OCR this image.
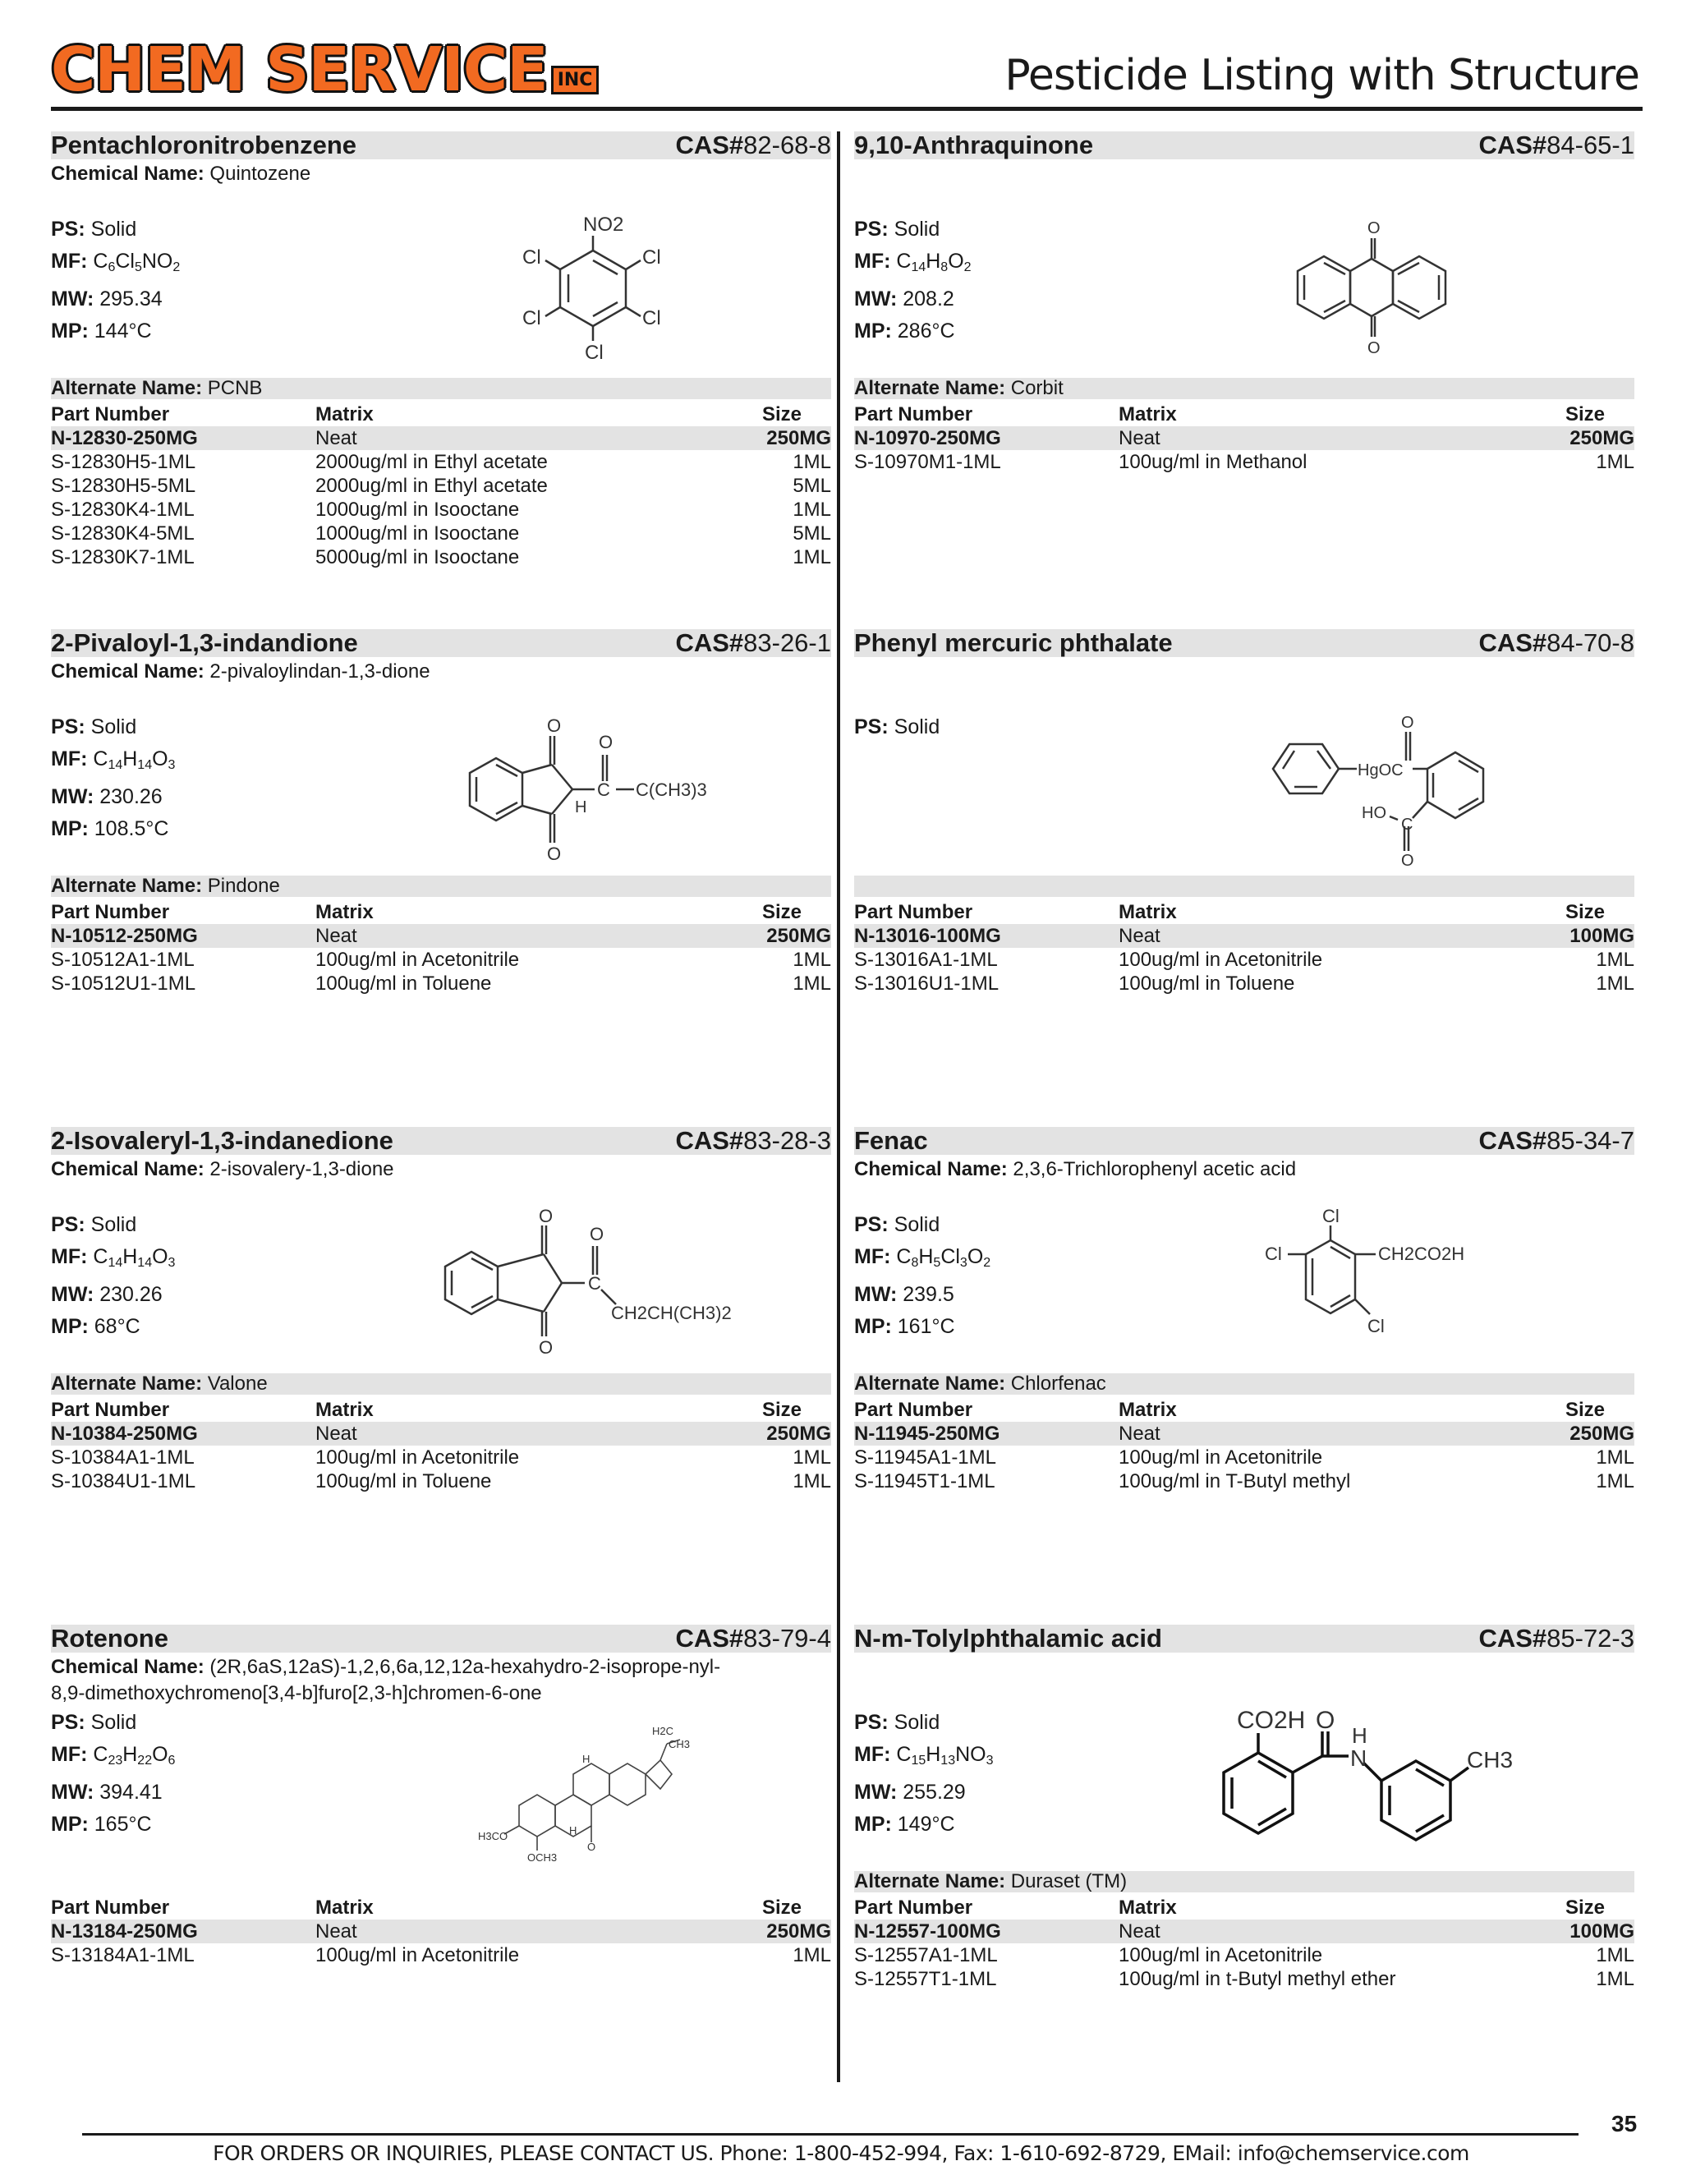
CHEM SERVICE INC	Pesticide Listing with Structure
Pentachloronitrobenzene	CAS#82-68-8
Chemical Name: Quintozene
PS: Solid
MF: $C_6Cl_5NO_2$
MW: 295.34
MP: 144°C
NO2
Cl
Cl
Cl
Cl
Cl
Alternate Name: PCNB
Part Number	Matrix	Size
N-12830-250MG	Neat	250MG
S-12830H5-1ML	2000ug/ml in Ethyl acetate	1ML
S-12830H5-5ML	2000ug/ml in Ethyl acetate	5ML
S-12830K4-1ML	1000ug/ml in Isooctane	1ML
S-12830K4-5ML	1000ug/ml in Isooctane	5ML
S-12830K7-1ML	5000ug/ml in Isooctane	1ML
9,10-Anthraquinone	CAS#84-65-1
PS: Solid
MF: $C_{14}H_8O_2$
MW: 208.2
MP: 286°C
O
O
Alternate Name: Corbit
Part Number	Matrix	Size
N-10970-250MG	Neat	250MG
S-10970M1-1ML	100ug/ml in Methanol	1ML
2-Pivaloyl-1,3-indandione	CAS#83-26-1
Chemical Name: 2-pivaloylindan-1,3-dione
PS: Solid
MF: $C_{14}H_{14}O_3$
MW: 230.26
MP: 108.5°C
O
O
O
C
H
C(CH3)3
Alternate Name: Pindone
Part Number	Matrix	Size
N-10512-250MG	Neat	250MG
S-10512A1-1ML	100ug/ml in Acetonitrile	1ML
S-10512U1-1ML	100ug/ml in Toluene	1ML
Phenyl mercuric phthalate	CAS#84-70-8
PS: Solid
HgOC
O
HO
C
O
Part Number	Matrix	Size
N-13016-100MG	Neat	100MG
S-13016A1-1ML	100ug/ml in Acetonitrile	1ML
S-13016U1-1ML	100ug/ml in Toluene	1ML
2-Isovaleryl-1,3-indanedione	CAS#83-28-3
Chemical Name: 2-isovalery-1,3-dione
PS: Solid
MF: $C_{14}H_{14}O_3$
MW: 230.26
MP: 68°C
O
O
O
C
CH2CH(CH3)2
Alternate Name: Valone
Part Number	Matrix	Size
N-10384-250MG	Neat	250MG
S-10384A1-1ML	100ug/ml in Acetonitrile	1ML
S-10384U1-1ML	100ug/ml in Toluene	1ML
Fenac	CAS#85-34-7
Chemical Name: 2,3,6-Trichlorophenyl acetic acid
PS: Solid
MF: $C_8H_5Cl_3O_2$
MW: 239.5
MP: 161°C
Cl
Cl	CH2CO2H
Cl
Alternate Name: Chlorfenac
Part Number	Matrix	Size
N-11945-250MG	Neat	250MG
S-11945A1-1ML	100ug/ml in Acetonitrile	1ML
S-11945T1-1ML	100ug/ml in T-Butyl methyl	1ML
Rotenone	CAS#83-79-4
Chemical Name: (2R,6aS,12aS)-1,2,6,6a,12,12a-hexahydro-2-isoprope-nyl-8,9-dimethoxychromeno[3,4-b]furo[2,3-h]chromen-6-one
PS: Solid
MF: $C_{23}H_{22}O_6$
MW: 394.41
MP: 165°C
H2C
CH3
H3CO
OCH3
O
H
H
Part Number	Matrix	Size
N-13184-250MG	Neat	250MG
S-13184A1-1ML	100ug/ml in Acetonitrile	1ML
N-m-Tolylphthalamic acid	CAS#85-72-3
PS: Solid
MF: $C_{15}H_{13}NO_3$
MW: 255.29
MP: 149°C
CO2H O
N
H
CH3
Alternate Name: Duraset (TM)
Part Number	Matrix	Size
N-12557-100MG	Neat	100MG
S-12557A1-1ML	100ug/ml in Acetonitrile	1ML
S-12557T1-1ML	100ug/ml in t-Butyl methyl ether	1ML
35
FOR ORDERS OR INQUIRIES, PLEASE CONTACT US. Phone: 1-800-452-994, Fax: 1-610-692-8729, EMail: info@chemservice.com
